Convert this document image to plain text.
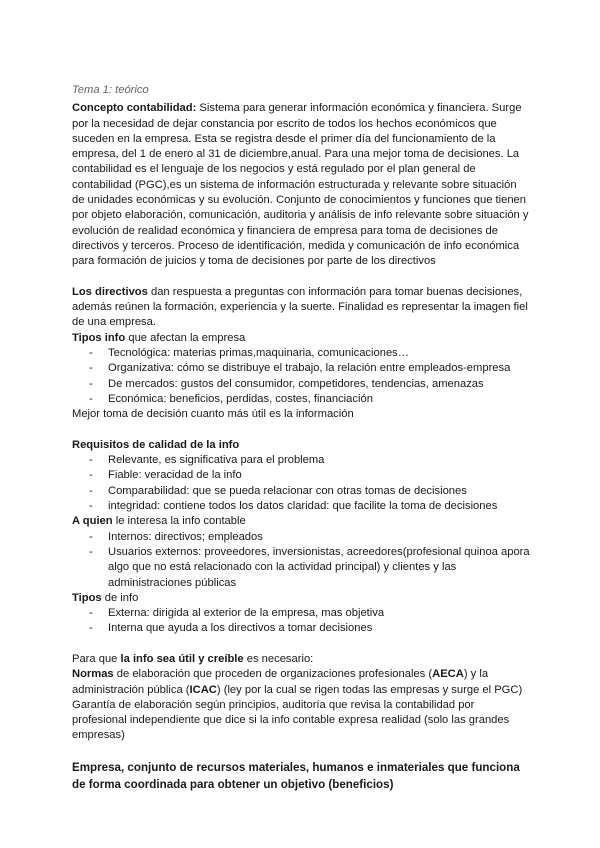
Tema 1: teórico

Concepto contabilidad: Sistema para generar información económica y financiera. Surge por la necesidad de dejar constancia por escrito de todos los hechos económicos que suceden en la empresa. Esta se registra desde el primer día del funcionamiento de la empresa, del 1 de enero al 31 de diciembre,anual. Para una mejor toma de decisiones. La contabilidad es el lenguaje de los negocios y está regulado por el plan general de contabilidad (PGC),es un sistema de información estructurada y relevante sobre situación de unidades económicas y su evolución. Conjunto de conocimientos y funciones que tienen por objeto elaboración, comunicación, auditoria y análisis de info relevante sobre situación y evolución de realidad económica y financiera de empresa para toma de decisiones de directivos y terceros. Proceso de identificación, medida y comunicación de info económica para formación de juicios y toma de decisiones por parte de los directivos

Los directivos dan respuesta a preguntas con información para tomar buenas decisiones, además reúnen la formación, experiencia y la suerte. Finalidad es representar la imagen fiel de una empresa.

Tipos info que afectan la empresa

- Tecnológica: materias primas,maquinaria, comunicaciones…
- Organizativa: cómo se distribuye el trabajo, la relación entre empleados-empresa
- De mercados: gustos del consumidor, competidores, tendencias, amenazas
- Económica: beneficios, perdidas, costes, financiación

Mejor toma de decisión cuanto más útil es la información

Requisitos de calidad de la info

- Relevante, es significativa para el problema
- Fiable: veracidad de la info
- Comparabilidad: que se pueda relacionar con otras tomas de decisiones
- integridad: contiene todos los datos claridad: que facilite la toma de decisiones

A quien le interesa la info contable

- Internos: directivos; empleados
- Usuarios externos: proveedores, inversionistas, acreedores(profesional quinoa apora algo que no está relacionado con la actividad principal) y clientes y las administraciones públicas

Tipos de info

- Externa: dirigida al exterior de la empresa, mas objetiva
- Interna que ayuda a los directivos a tomar decisiones

Para que la info sea útil y creíble es necesario:

Normas de elaboración que proceden de organizaciones profesionales (AECA) y la administración pública (ICAC) (ley por la cual se rigen todas las empresas y surge el PGC) Garantía de elaboración según principios, auditoría que revisa la contabilidad por profesional independiente que dice si la info contable expresa realidad (solo las grandes empresas)

Empresa, conjunto de recursos materiales, humanos e inmateriales que funciona de forma coordinada para obtener un objetivo (beneficios)
